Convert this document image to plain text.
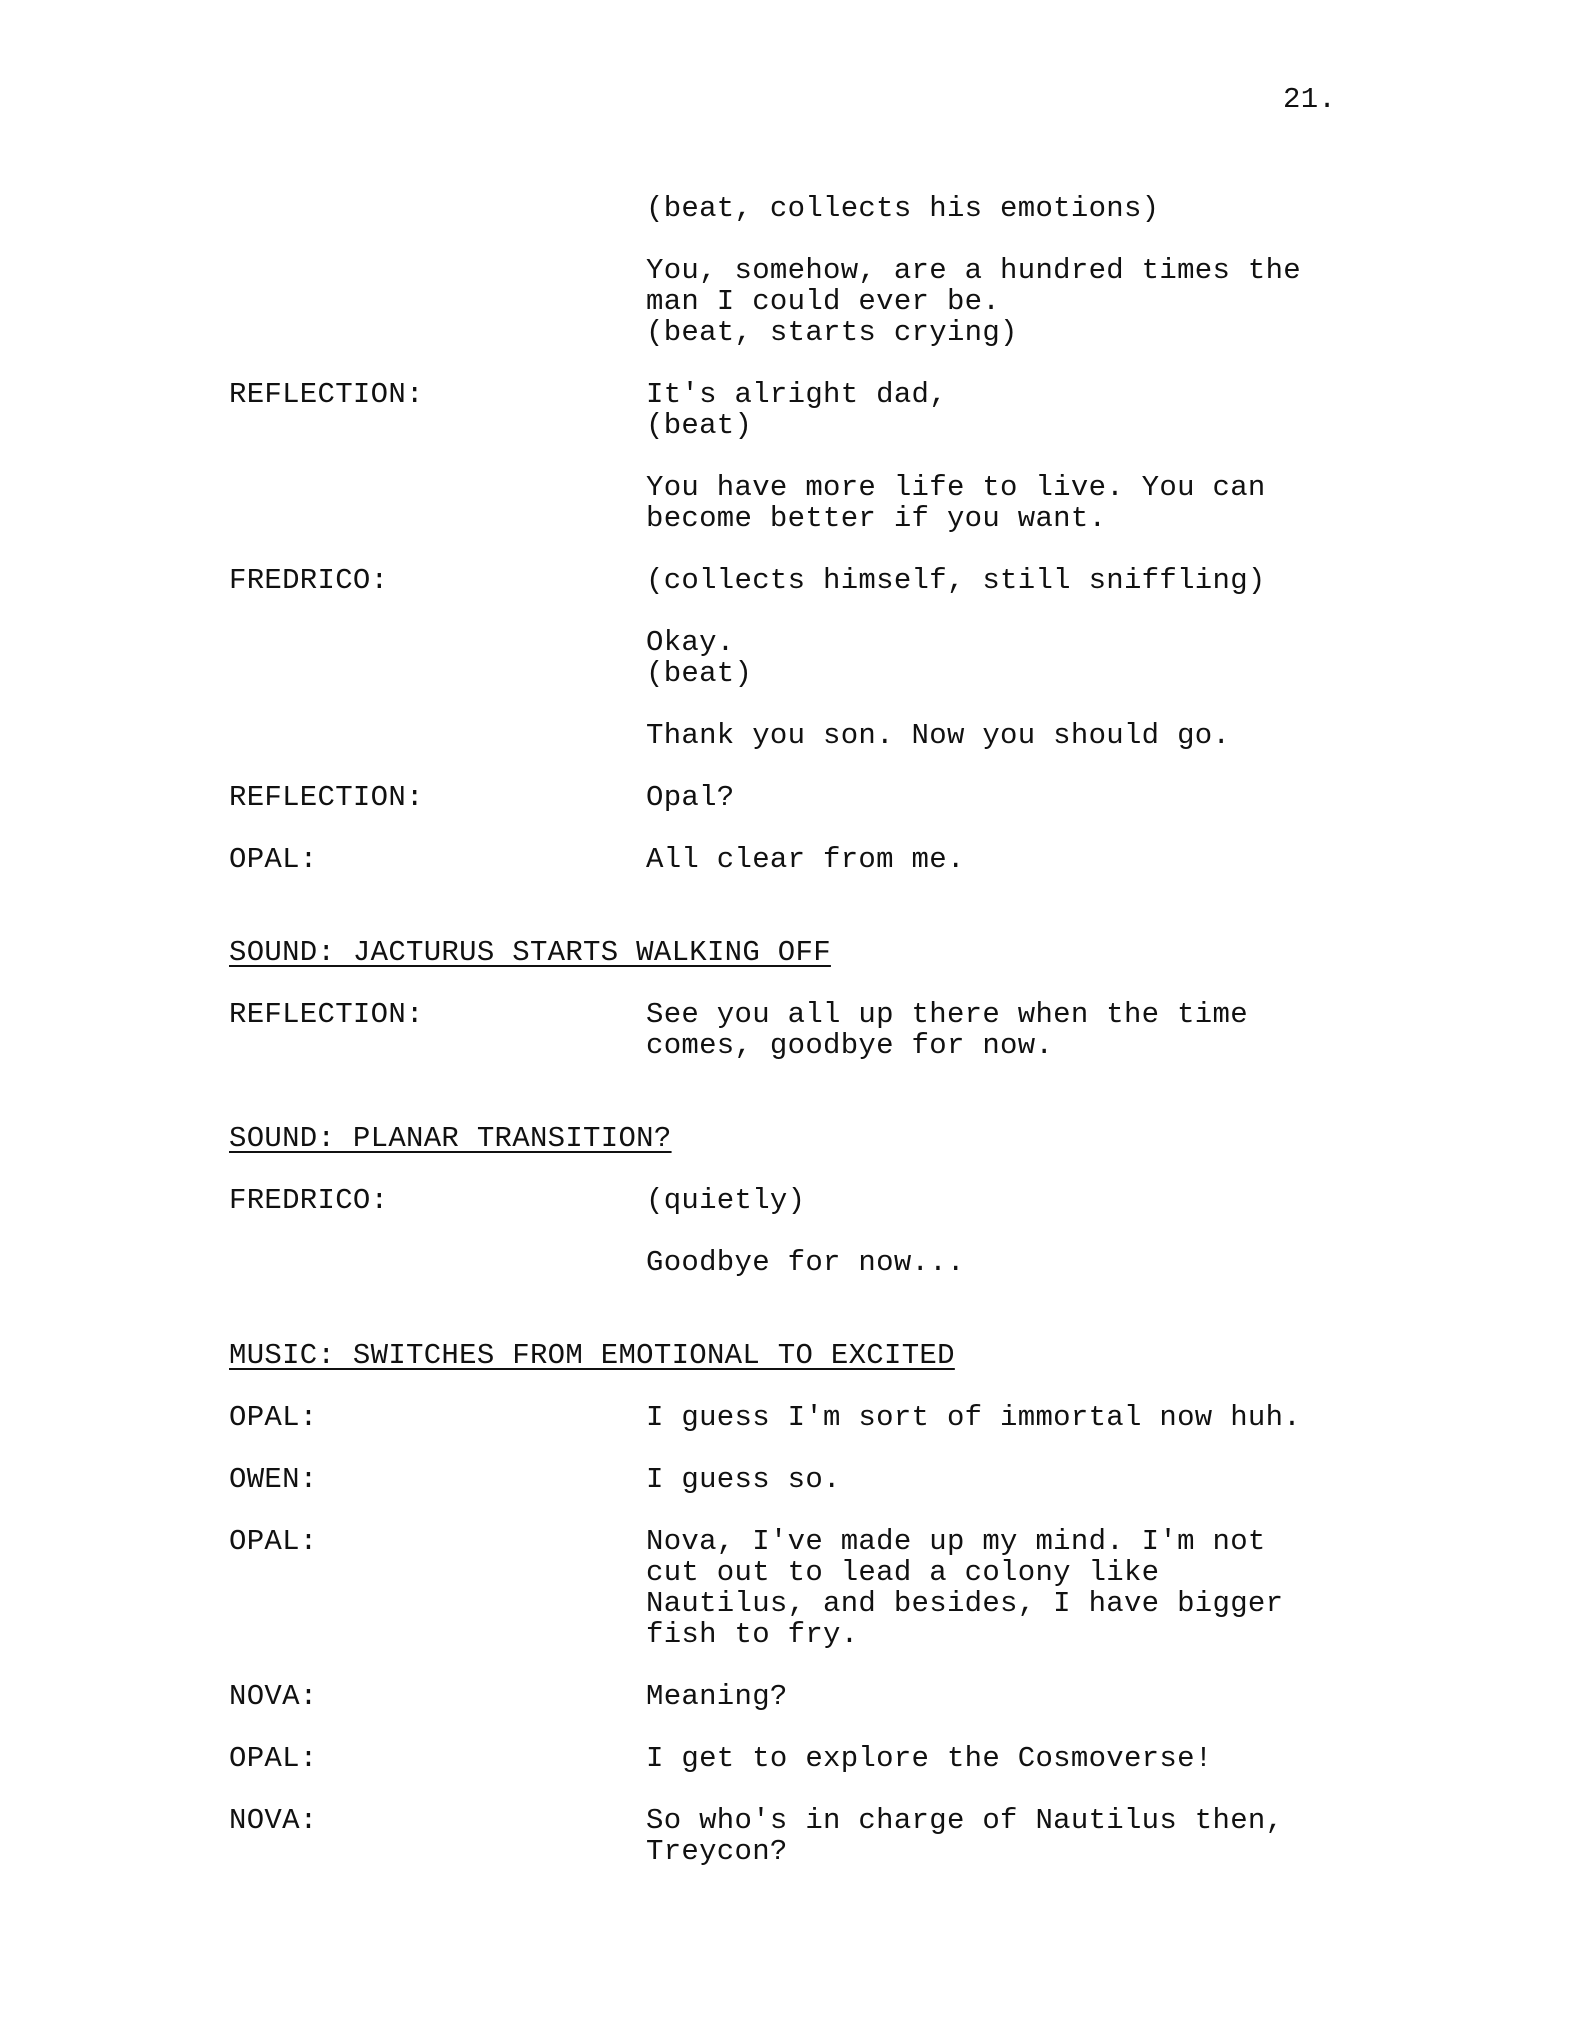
21.
(beat, collects his emotions)
You, somehow, are a hundred times the
man I could ever be.
(beat, starts crying)
REFLECTION:	It's alright dad,
(beat)
You have more life to live. You can
become better if you want.
FREDRICO:	(collects himself, still sniffling)
Okay.
(beat)
Thank you son. Now you should go.
REFLECTION:	Opal?
OPAL:	All clear from me.
SOUND: JACTURUS STARTS WALKING OFF
REFLECTION:	See you all up there when the time
comes, goodbye for now.
SOUND: PLANAR TRANSITION?
FREDRICO:	(quietly)
Goodbye for now...
MUSIC: SWITCHES FROM EMOTIONAL TO EXCITED
OPAL:	I guess I'm sort of immortal now huh.
OWEN:	I guess so.
OPAL:	Nova, I've made up my mind. I'm not
cut out to lead a colony like
Nautilus, and besides, I have bigger
fish to fry.
NOVA:	Meaning?
OPAL:	I get to explore the Cosmoverse!
NOVA:	So who's in charge of Nautilus then,
Treycon?
